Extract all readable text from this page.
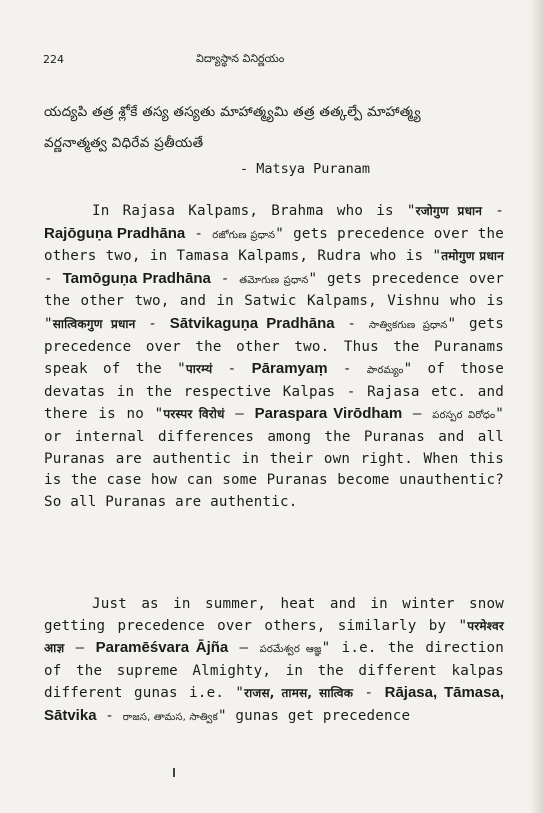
224	విద్యాస్థాన వినిర్ణయం
యద్యపి తత్ర శ్లోకే తస్య తస్యతు మాహాత్మ్యమి తత్ర తత్కల్పే మాహాత్మ్య
వర్ణనాత్మత్వ విధిరేవ ప్రతీయతే
- Matsya Puranam

In Rajasa Kalpams, Brahma who is "रजोगुण प्रधान - Rajōguṇa Pradhāna - రజోగుణ ప్రధాన" gets precedence over the others two, in Tamasa Kalpams, Rudra who is "तमोगुण प्रधान - Tamōguṇa Pradhāna - తమోగుణ ప్రధాన" gets precedence over the other two, and in Satwic Kalpams, Vishnu who is "सात्विकगुण प्रधान - Sātvikaguṇa Pradhāna - సాత్వికగుణ ప్రధాన" gets precedence over the other two. Thus the Puranams speak of the "पारम्यं - Pāramyaṃ - పారమ్యం" of those devatas in the respective Kalpas - Rajasa etc. and there is no "परस्पर विरोधं – Paraspara Virōdham – పరస్పర విరోధం" or internal differences among the Puranas and all Puranas are authentic in their own right. When this is the case how can some Puranas become unauthentic? So all Puranas are authentic.

Just as in summer, heat and in winter snow getting precedence over others, similarly by "परमेश्वर आज्ञ – Paramēśvara Ājña – పరమేశ్వర ఆజ్ఞ" i.e. the direction of the supreme Almighty, in the different kalpas different gunas i.e. "राजस, तामस, सात्विक - Rājasa, Tāmasa, Sātvika - రాజస, తామస, సాత్విక" gunas get precedence
